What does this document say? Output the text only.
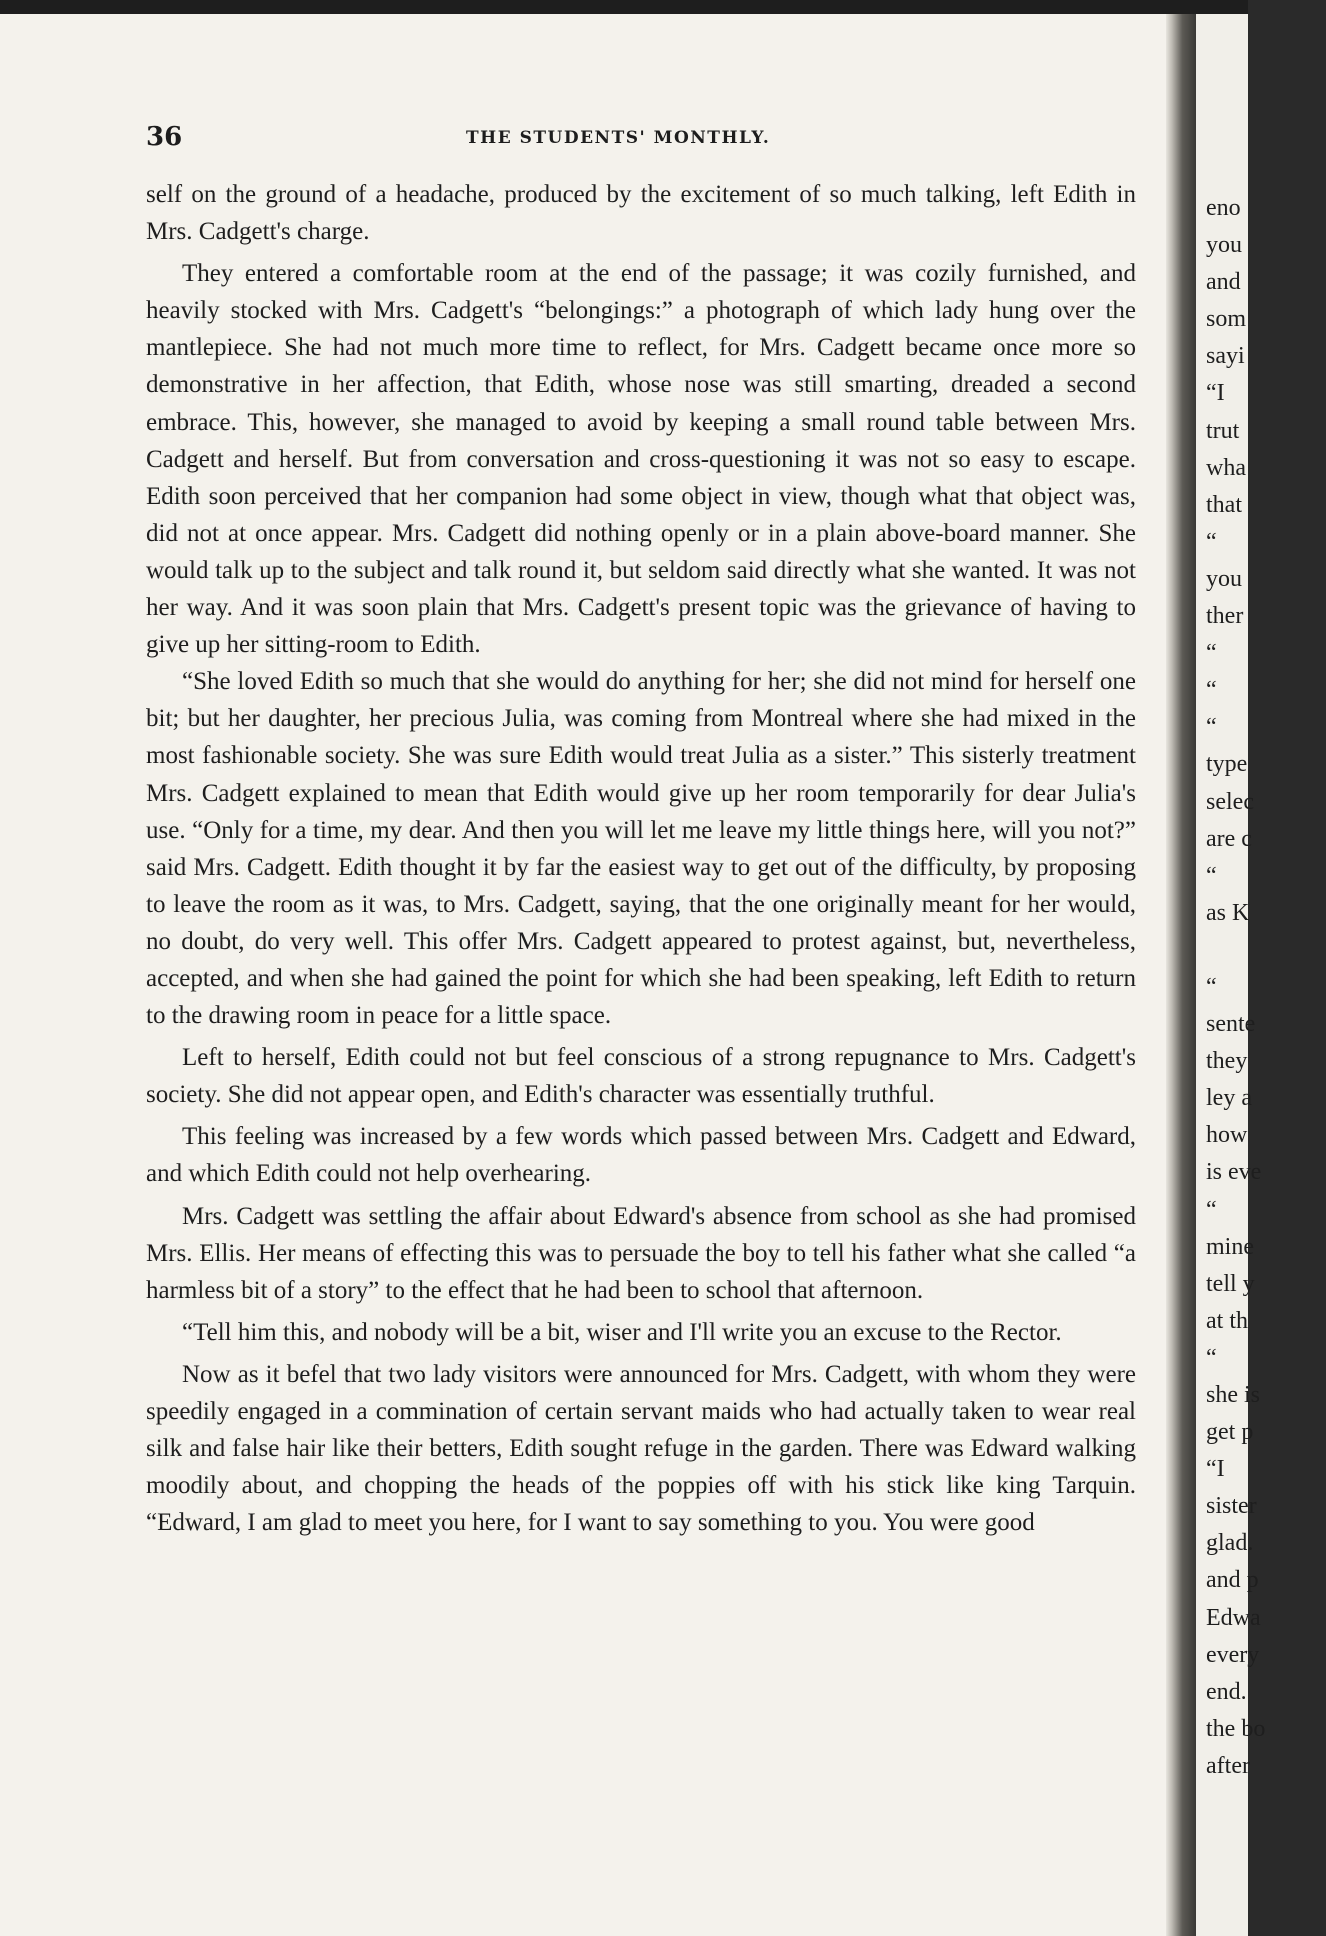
36	THE STUDENTS' MONTHLY.

self on the ground of a headache, produced by the excitement of so much talking, left Edith in Mrs. Cadgett's charge.

They entered a comfortable room at the end of the passage; it was cozily furnished, and heavily stocked with Mrs. Cadgett's “belongings:” a photograph of which lady hung over the mantlepiece. She had not much more time to reflect, for Mrs. Cadgett became once more so demonstrative in her affection, that Edith, whose nose was still smarting, dreaded a second embrace. This, however, she managed to avoid by keeping a small round table between Mrs. Cadgett and herself. But from conversation and cross-questioning it was not so easy to escape. Edith soon perceived that her companion had some object in view, though what that object was, did not at once appear. Mrs. Cadgett did nothing openly or in a plain above-board manner. She would talk up to the subject and talk round it, but seldom said directly what she wanted. It was not her way. And it was soon plain that Mrs. Cadgett's present topic was the grievance of having to give up her sitting-room to Edith.

“She loved Edith so much that she would do anything for her; she did not mind for herself one bit; but her daughter, her precious Julia, was coming from Montreal where she had mixed in the most fashionable society. She was sure Edith would treat Julia as a sister.” This sisterly treatment Mrs. Cadgett explained to mean that Edith would give up her room temporarily for dear Julia's use. “Only for a time, my dear. And then you will let me leave my little things here, will you not?” said Mrs. Cadgett. Edith thought it by far the easiest way to get out of the difficulty, by proposing to leave the room as it was, to Mrs. Cadgett, saying, that the one originally meant for her would, no doubt, do very well. This offer Mrs. Cadgett appeared to protest against, but, nevertheless, accepted, and when she had gained the point for which she had been speaking, left Edith to return to the drawing room in peace for a little space.

Left to herself, Edith could not but feel conscious of a strong repugnance to Mrs. Cadgett's society. She did not appear open, and Edith's character was essentially truthful.

This feeling was increased by a few words which passed between Mrs. Cadgett and Edward, and which Edith could not help overhearing.

Mrs. Cadgett was settling the affair about Edward's absence from school as she had promised Mrs. Ellis. Her means of effecting this was to persuade the boy to tell his father what she called “a harmless bit of a story” to the effect that he had been to school that afternoon.

“Tell him this, and nobody will be a bit, wiser and I'll write you an excuse to the Rector.

Now as it befel that two lady visitors were announced for Mrs. Cadgett, with whom they were speedily engaged in a commination of certain servant maids who had actually taken to wear real silk and false hair like their betters, Edith sought refuge in the garden. There was Edward walking moodily about, and chopping the heads of the poppies off with his stick like king Tarquin. “Edward, I am glad to meet you here, for I want to say something to you. You were good

eno
you
and
som
sayi
“I
trut
wha
that
“
you
ther
“
“
“
type
selec
are c
“
as K
“
sente
they
ley a
how
is eve
“
mine
tell y
at th
“
she is
get p
“I
sister
glad.
and p
Edwa
every
end.
the bo
after
